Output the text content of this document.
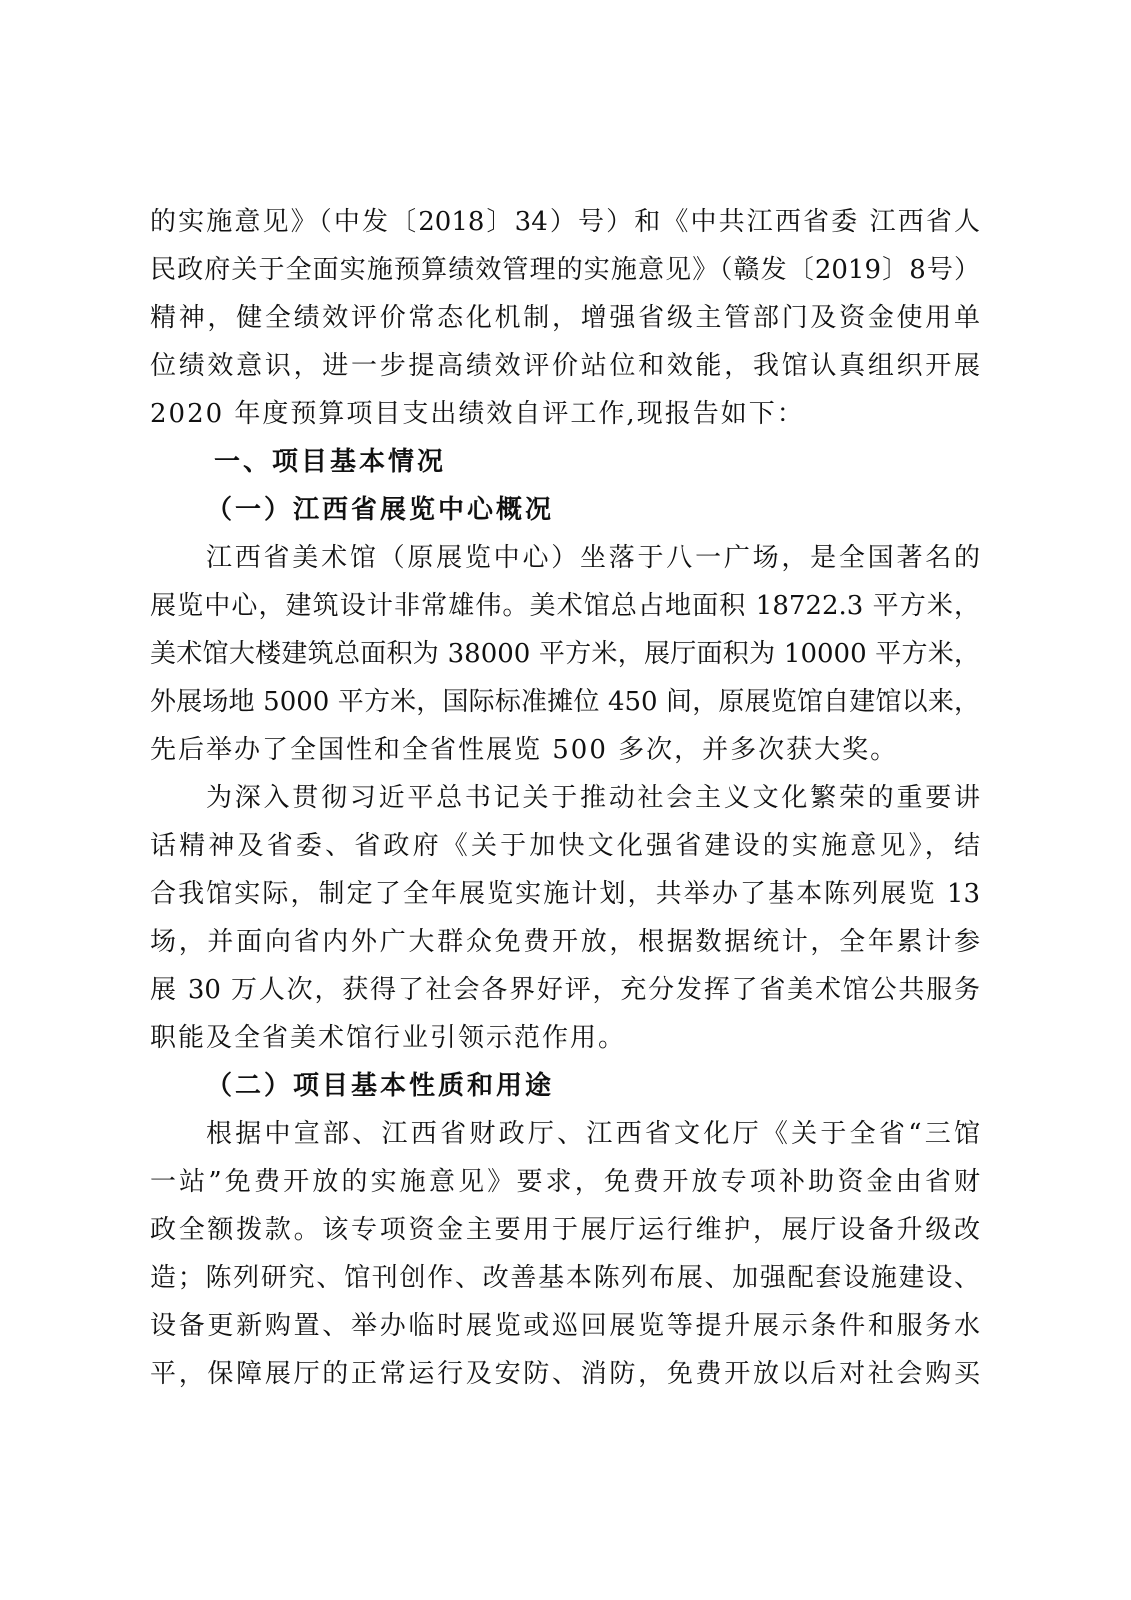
的实施意见》（中发〔2018〕34）号）和《中共江西省委 江西省人
民政府关于全面实施预算绩效管理的实施意见》（赣发〔2019〕8号）
精神，健全绩效评价常态化机制，增强省级主管部门及资金使用单
位绩效意识，进一步提高绩效评价站位和效能，我馆认真组织开展
2020 年度预算项目支出绩效自评工作,现报告如下：
一、项目基本情况
（一）江西省展览中心概况
江西省美术馆（原展览中心）坐落于八一广场，是全国著名的
展览中心，建筑设计非常雄伟。美术馆总占地面积 18722.3 平方米，
美术馆大楼建筑总面积为 38000 平方米，展厅面积为 10000 平方米，
外展场地 5000 平方米，国际标准摊位 450 间，原展览馆自建馆以来，
先后举办了全国性和全省性展览 500 多次，并多次获大奖。
为深入贯彻习近平总书记关于推动社会主义文化繁荣的重要讲
话精神及省委、省政府《关于加快文化强省建设的实施意见》，结
合我馆实际，制定了全年展览实施计划，共举办了基本陈列展览 13
场，并面向省内外广大群众免费开放，根据数据统计，全年累计参
展 30 万人次，获得了社会各界好评，充分发挥了省美术馆公共服务
职能及全省美术馆行业引领示范作用。
（二）项目基本性质和用途
根据中宣部、江西省财政厅、江西省文化厅《关于全省“三馆
一站”免费开放的实施意见》要求，免费开放专项补助资金由省财
政全额拨款。该专项资金主要用于展厅运行维护，展厅设备升级改
造；陈列研究、馆刊创作、改善基本陈列布展、加强配套设施建设、
设备更新购置、举办临时展览或巡回展览等提升展示条件和服务水
平，保障展厅的正常运行及安防、消防，免费开放以后对社会购买
